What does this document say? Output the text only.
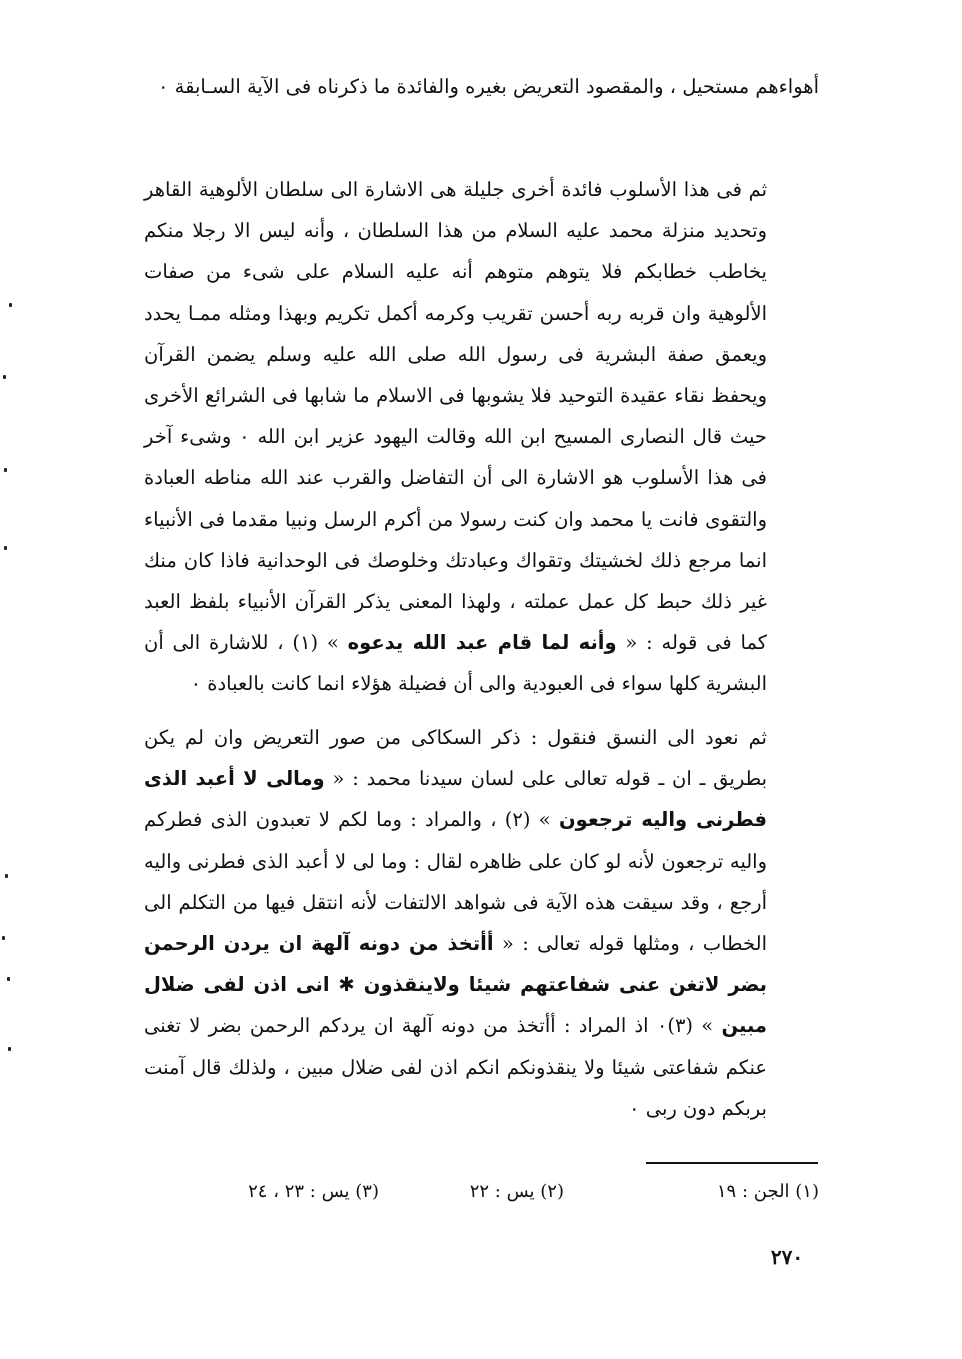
أهواءهم مستحيل ، والمقصود التعريض بغيره والفائدة ما ذكرناه فى الآية السـابقة ٠

ثم فى هذا الأسلوب فائدة أخرى جليلة هى الاشارة الى سلطان الألوهية القاهر وتحديد منزلة محمد عليه السلام من هذا السلطان ، وأنه ليس الا رجلا منكم يخاطب خطابكم فلا يتوهم متوهم أنه عليه السلام على شىء من صفات الألوهية وان قربه ربه أحسن تقريب وكرمه أكمل تكريم وبهذا ومثله ممـا يحدد ويعمق صفة البشرية فى رسول الله صلى الله عليه وسلم يضمن القرآن ويحفظ نقاء عقيدة التوحيد فلا يشوبها فى الاسلام ما شابها فى الشرائع الأخرى حيث قال النصارى المسيح ابن الله وقالت اليهود عزير ابن الله ٠ وشىء آخر فى هذا الأسلوب هو الاشارة الى أن التفاضل والقرب عند الله مناطه العبادة والتقوى فانت يا محمد وان كنت رسولا من أكرم الرسل ونبيا مقدما فى الأنبياء انما مرجع ذلك لخشيتك وتقواك وعبادتك وخلوصك فى الوحدانية فاذا كان منك غير ذلك حبط كل عمل عملته ، ولهذا المعنى يذكر القرآن الأنبياء بلفظ العبد كما فى قوله : « وأنه لما قام عبد الله يدعوه » (١) ، للاشارة الى أن البشرية كلها سواء فى العبودية والى أن فضيلة هؤلاء انما كانت بالعبادة ٠

ثم نعود الى النسق فنقول : ذكر السكاكى من صور التعريض وان لم يكن بطريق ـ ان ـ قوله تعالى على لسان سيدنا محمد : « ومالى لا أعبد الذى فطرنى واليه ترجعون » (٢) ، والمراد : وما لكم لا تعبدون الذى فطركم واليه ترجعون لأنه لو كان على ظاهره لقال : وما لى لا أعبد الذى فطرنى واليه أرجع ، وقد سيقت هذه الآية فى شواهد الالتفات لأنه انتقل فيها من التكلم الى الخطاب ، ومثلها قوله تعالى : « أأتخذ من دونه آلهة ان يردن الرحمن بضر لاتغن عنى شفاعتهم شيئا ولاينقذون ✱ انى اذن لفى ضلال مبين » (٣)٠ اذ المراد : أأتخذ من دونه آلهة ان يردكم الرحمن بضر لا تغنى عنكم شفاعتى شيئا ولا ينقذونكم انكم اذن لفى ضلال مبين ، ولذلك قال آمنت بربكم دون ربى ٠

(١) الجن : ١٩
(٢) يس : ٢٢
(٣) يس : ٢٣ ، ٢٤
٢٧٠
